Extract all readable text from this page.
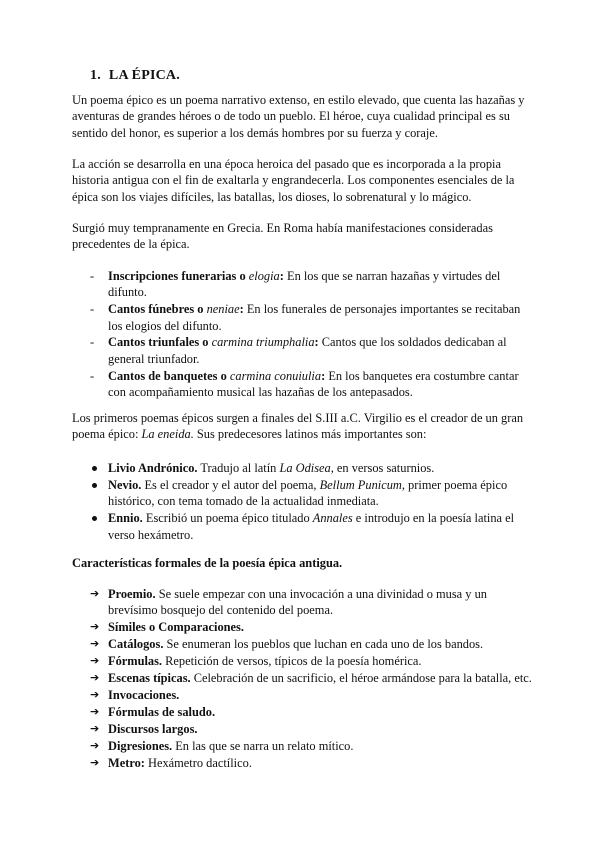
1. LA ÉPICA.
Un poema épico es un poema narrativo extenso, en estilo elevado, que cuenta las hazañas y
aventuras de grandes héroes o de todo un pueblo. El héroe, cuya cualidad principal es su
sentido del honor, es superior a los demás hombres por su fuerza y coraje.
La acción se desarrolla en una época heroica del pasado que es incorporada a la propia
historia antigua con el fin de exaltarla y engrandecerla. Los componentes esenciales de la
épica son los viajes difíciles, las batallas, los dioses, lo sobrenatural y lo mágico.
Surgió muy tempranamente en Grecia. En Roma había manifestaciones consideradas
precedentes de la épica.
- Inscripciones funerarias o elogia: En los que se narran hazañas y virtudes del
difunto.
- Cantos fúnebres o neniae: En los funerales de personajes importantes se recitaban
los elogios del difunto.
- Cantos triunfales o carmina triumphalia: Cantos que los soldados dedicaban al
general triunfador.
- Cantos de banquetes o carmina conuiulia: En los banquetes era costumbre cantar
con acompañamiento musical las hazañas de los antepasados.
Los primeros poemas épicos surgen a finales del S.III a.C. Virgilio es el creador de un gran
poema épico: La eneida. Sus predecesores latinos más importantes son:
Livio Andrónico. Tradujo al latín La Odisea, en versos saturnios.
Nevio. Es el creador y el autor del poema, Bellum Punicum, primer poema épico
histórico, con tema tomado de la actualidad inmediata.
Ennio. Escribió un poema épico titulado Annales e introdujo en la poesía latina el
verso hexámetro.
Características formales de la poesía épica antigua.
➔ Proemio. Se suele empezar con una invocación a una divinidad o musa y un
brevísimo bosquejo del contenido del poema.
➔ Símiles o Comparaciones.
➔ Catálogos. Se enumeran los pueblos que luchan en cada uno de los bandos.
➔ Fórmulas. Repetición de versos, típicos de la poesía homérica.
➔ Escenas típicas. Celebración de un sacrificio, el héroe armándose para la batalla, etc.
➔ Invocaciones.
➔ Fórmulas de saludo.
➔ Discursos largos.
➔ Digresiones. En las que se narra un relato mítico.
➔ Metro: Hexámetro dactílico.
